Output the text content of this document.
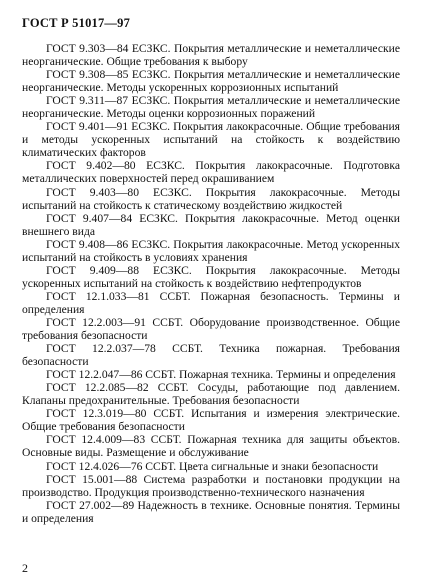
ГОСТ Р 51017—97

ГОСТ 9.303—84 ЕСЗКС. Покрытия металлические и неметаллические неорганические. Общие требования к выбору

ГОСТ 9.308—85 ЕСЗКС. Покрытия металлические и неметаллические неорганические. Методы ускоренных коррозионных испытаний

ГОСТ 9.311—87 ЕСЗКС. Покрытия металлические и неметаллические неорганические. Методы оценки коррозионных поражений

ГОСТ 9.401—91 ЕСЗКС. Покрытия лакокрасочные. Общие требования и методы ускоренных испытаний на стойкость к воздействию климатических факторов

ГОСТ 9.402—80 ЕСЗКС. Покрытия лакокрасочные. Подготовка металлических поверхностей перед окрашиванием

ГОСТ 9.403—80 ЕСЗКС. Покрытия лакокрасочные. Методы испытаний на стойкость к статическому воздействию жидкостей

ГОСТ 9.407—84 ЕСЗКС. Покрытия лакокрасочные. Метод оценки внешнего вида

ГОСТ 9.408—86 ЕСЗКС. Покрытия лакокрасочные. Метод ускоренных испытаний на стойкость в условиях хранения

ГОСТ 9.409—88 ЕСЗКС. Покрытия лакокрасочные. Методы ускоренных испытаний на стойкость к воздействию нефтепродуктов

ГОСТ 12.1.033—81 ССБТ. Пожарная безопасность. Термины и определения

ГОСТ 12.2.003—91 ССБТ. Оборудование производственное. Общие требования безопасности

ГОСТ 12.2.037—78 ССБТ. Техника пожарная. Требования безопасности

ГОСТ 12.2.047—86 ССБТ. Пожарная техника. Термины и определения

ГОСТ 12.2.085—82 ССБТ. Сосуды, работающие под давлением. Клапаны предохранительные. Требования безопасности

ГОСТ 12.3.019—80 ССБТ. Испытания и измерения электрические. Общие требования безопасности

ГОСТ 12.4.009—83 ССБТ. Пожарная техника для защиты объектов. Основные виды. Размещение и обслуживание

ГОСТ 12.4.026—76 ССБТ. Цвета сигнальные и знаки безопасности

ГОСТ 15.001—88 Система разработки и постановки продукции на производство. Продукция производственно-технического назначения

ГОСТ 27.002—89 Надежность в технике. Основные понятия. Термины и определения

2
